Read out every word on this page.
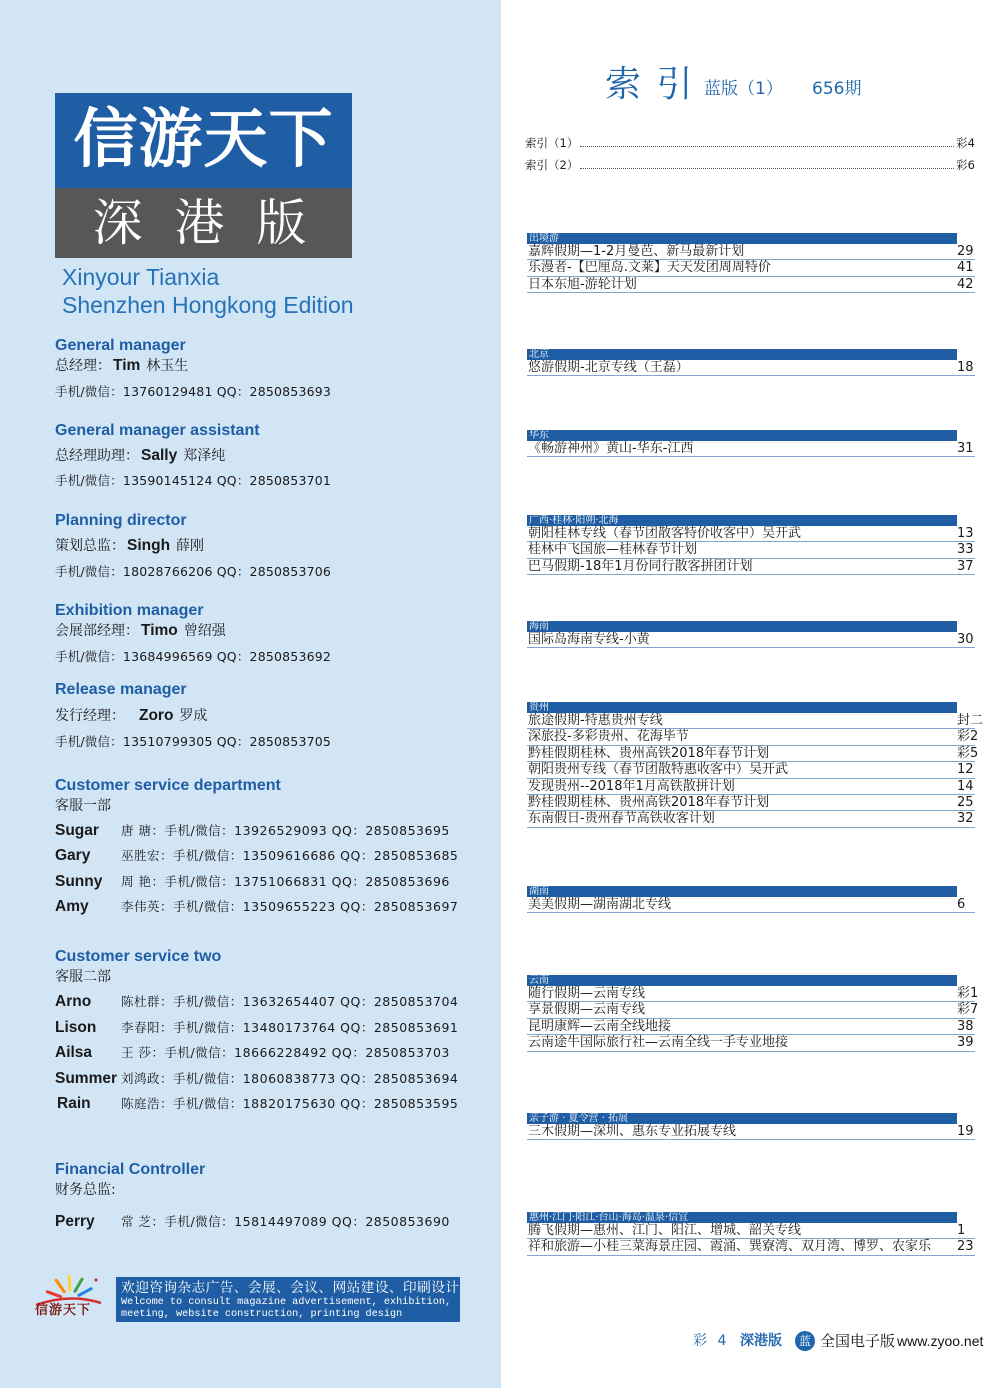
信游天下
深 港 版
Xinyour Tianxia
Shenzhen Hongkong Edition
General manager
总经理： Tim 林玉生
手机/微信：13760129481 QQ：2850853693
General manager assistant
总经理助理： Sally 郑泽纯
手机/微信：13590145124 QQ：2850853701
Planning director
策划总监： Singh 薛刚
手机/微信：18028766206 QQ：2850853706
Exhibition manager
会展部经理： Timo 曾绍强
手机/微信：13684996569 QQ：2850853692
Release manager
发行经理： Zoro 罗成
手机/微信：13510799305 QQ：2850853705
Customer service department
客服一部
Sugar 唐 瑭：手机/微信：13926529093 QQ：2850853695
Gary 巫胜宏：手机/微信：13509616686 QQ：2850853685
Sunny 周 艳：手机/微信：13751066831 QQ：2850853696
Amy	李伟英：手机/微信：13509655223 QQ：2850853697
Customer service two
客服二部
Arno 陈杜群：手机/微信：13632654407 QQ：2850853704
Lison 李春阳：手机/微信：13480173764 QQ：2850853691
Ailsa 王 莎：手机/微信：18666228492 QQ：2850853703
Summer 刘鸿政：手机/微信：18060838773 QQ：2850853694
Rain 陈庭浩：手机/微信：18820175630 QQ：2850853595
Financial Controller
财务总监:
Perry 常 芝：手机/微信：15814497089 QQ：2850853690
信游天下
欢迎咨询杂志广告、会展、会议、网站建设、印刷设计
Welcome to consult magazine advertisement, exhibition,
meeting, website construction, printing design
索 引 蓝版（1） 656期
索引（1）	彩4
索引（2）	彩6
出境游
嘉辉假期—1-2月曼芭、新马最新计划	29
乐漫者-【巴厘岛.文莱】天天发团周周特价	41
日本东旭-游轮计划	42
北京
悠游假期-北京专线（王磊）	18
华东
《畅游神州》黄山-华东-江西	31
广西·桂林·阳朔·北海
朝阳桂林专线（春节团散客特价收客中）吴开武	13
桂林中飞国旅—桂林春节计划	33
巴马假期-18年1月份同行散客拼团计划	37
海南
国际岛海南专线-小黄	30
贵州
旅途假期-特惠贵州专线	封二
深旅投-多彩贵州、花海毕节	彩2
黔桂假期桂林、贵州高铁2018年春节计划	彩5
朝阳贵州专线（春节团散特惠收客中）吴开武	12
发现贵州--2018年1月高铁散拼计划	14
黔桂假期桂林、贵州高铁2018年春节计划	25
东南假日-贵州春节高铁收客计划	32
湖南
美美假期—湖南湖北专线	6
云南
随行假期—云南专线	彩1
享景假期—云南专线	彩7
昆明康辉—云南全线地接	38
云南途牛国际旅行社—云南全线一手专业地接	39
亲子游 · 夏令营 · 拓展
三木假期—深圳、惠东专业拓展专线	19
惠州·江门·阳江·台山·海岛·温泉·信宜
腾飞假期—惠州、江门、阳江、增城、韶关专线	1
祥和旅游—小桂三菜海景庄园、霞涌、巽寮湾、双月湾、博罗、农家乐 23
彩 4 深港版	蓝 全国电子版 www.zyoo.net
